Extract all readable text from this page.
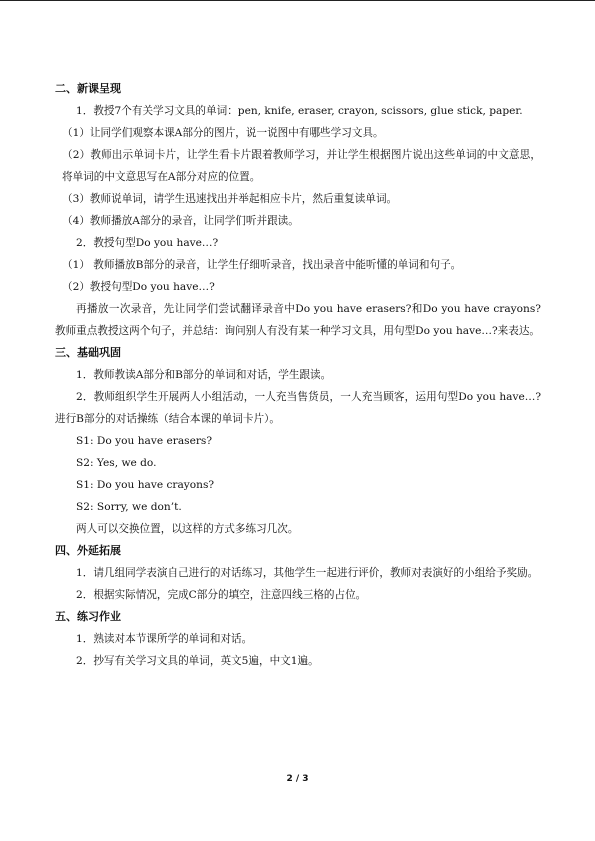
二、新课呈现
1．教授7个有关学习文具的单词：pen, knife, eraser, crayon, scissors, glue stick, paper.
（1）让同学们观察本课A部分的图片，说一说图中有哪些学习文具。
（2）教师出示单词卡片，让学生看卡片跟着教师学习，并让学生根据图片说出这些单词的中文意思，将单词的中文意思写在A部分对应的位置。
（3）教师说单词，请学生迅速找出并举起相应卡片，然后重复读单词。
（4）教师播放A部分的录音，让同学们听并跟读。
2．教授句型Do you have…?
（1） 教师播放B部分的录音，让学生仔细听录音，找出录音中能听懂的单词和句子。
（2）教授句型Do you have…?
再播放一次录音，先让同学们尝试翻译录音中Do you have erasers?和Do you have crayons? 教师重点教授这两个句子，并总结：询问别人有没有某一种学习文具，用句型Do you have…?来表达。
三、基础巩固
1．教师教读A部分和B部分的单词和对话，学生跟读。
2．教师组织学生开展两人小组活动，一人充当售货员，一人充当顾客，运用句型Do you have…?进行B部分的对话操练（结合本课的单词卡片）。
S1: Do you have erasers?
S2: Yes, we do.
S1: Do you have crayons?
S2: Sorry, we don’t.
两人可以交换位置，以这样的方式多练习几次。
四、外延拓展
1．请几组同学表演自己进行的对话练习，其他学生一起进行评价，教师对表演好的小组给予奖励。
2．根据实际情况，完成C部分的填空，注意四线三格的占位。
五、练习作业
1．熟读对本节课所学的单词和对话。
2．抄写有关学习文具的单词，英文5遍，中文1遍。
2 / 3
